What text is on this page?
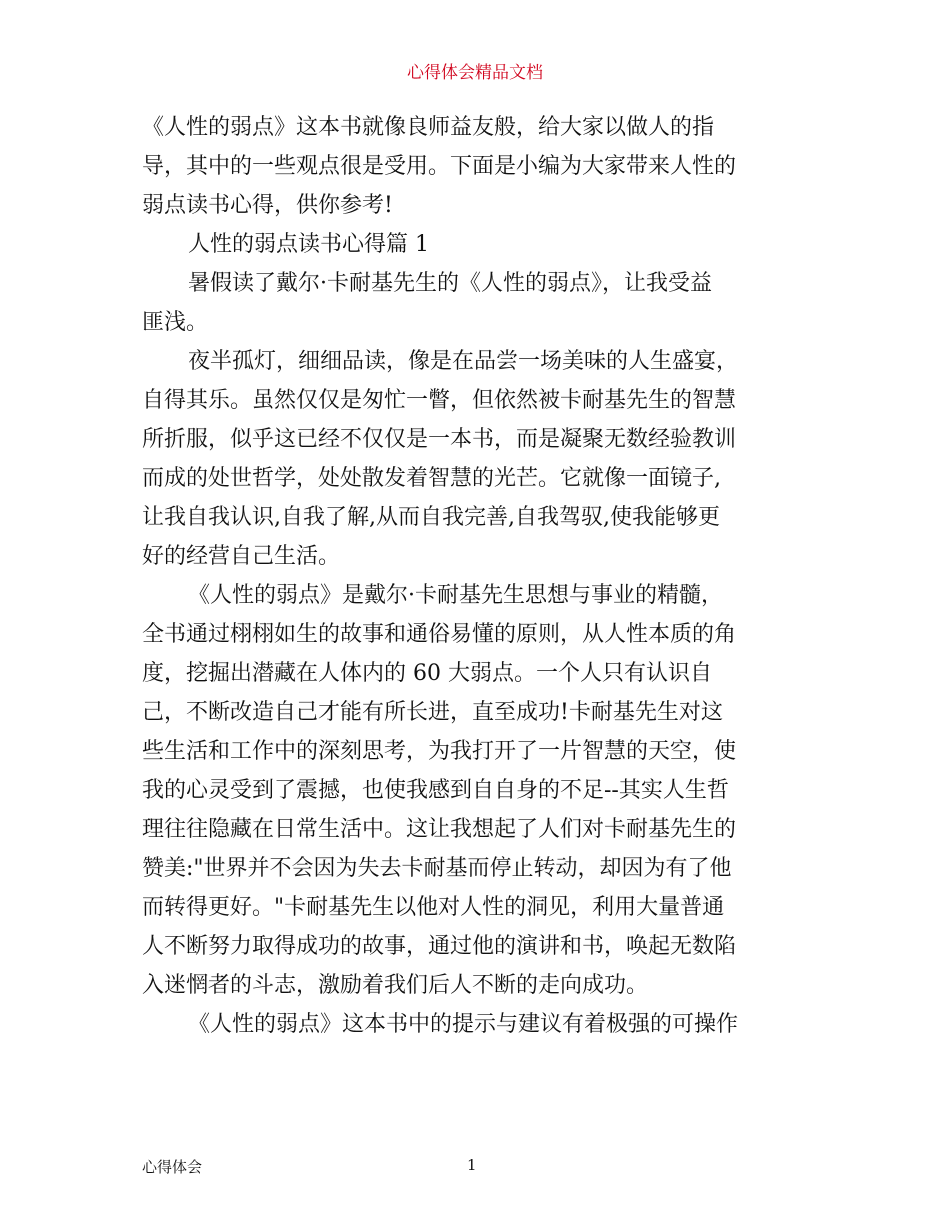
心得体会精品文档
《人性的弱点》这本书就像良师益友般，给大家以做人的指
导，其中的一些观点很是受用。下面是小编为大家带来人性的
弱点读书心得，供你参考!
人性的弱点读书心得篇 1
暑假读了戴尔·卡耐基先生的《人性的弱点》，让我受益
匪浅。
夜半孤灯，细细品读，像是在品尝一场美味的人生盛宴，
自得其乐。虽然仅仅是匆忙一瞥，但依然被卡耐基先生的智慧
所折服，似乎这已经不仅仅是一本书，而是凝聚无数经验教训
而成的处世哲学，处处散发着智慧的光芒。它就像一面镜子,
让我自我认识,自我了解,从而自我完善,自我驾驭,使我能够更
好的经营自己生活。
《人性的弱点》是戴尔·卡耐基先生思想与事业的精髓，
全书通过栩栩如生的故事和通俗易懂的原则，从人性本质的角
度，挖掘出潜藏在人体内的 60 大弱点。一个人只有认识自
己，不断改造自己才能有所长进，直至成功!卡耐基先生对这
些生活和工作中的深刻思考，为我打开了一片智慧的天空，使
我的心灵受到了震撼，也使我感到自自身的不足--其实人生哲
理往往隐藏在日常生活中。这让我想起了人们对卡耐基先生的
赞美:"世界并不会因为失去卡耐基而停止转动，却因为有了他
而转得更好。"卡耐基先生以他对人性的洞见，利用大量普通
人不断努力取得成功的故事，通过他的演讲和书，唤起无数陷
入迷惘者的斗志，激励着我们后人不断的走向成功。
《人性的弱点》这本书中的提示与建议有着极强的可操作
心得体会	1
